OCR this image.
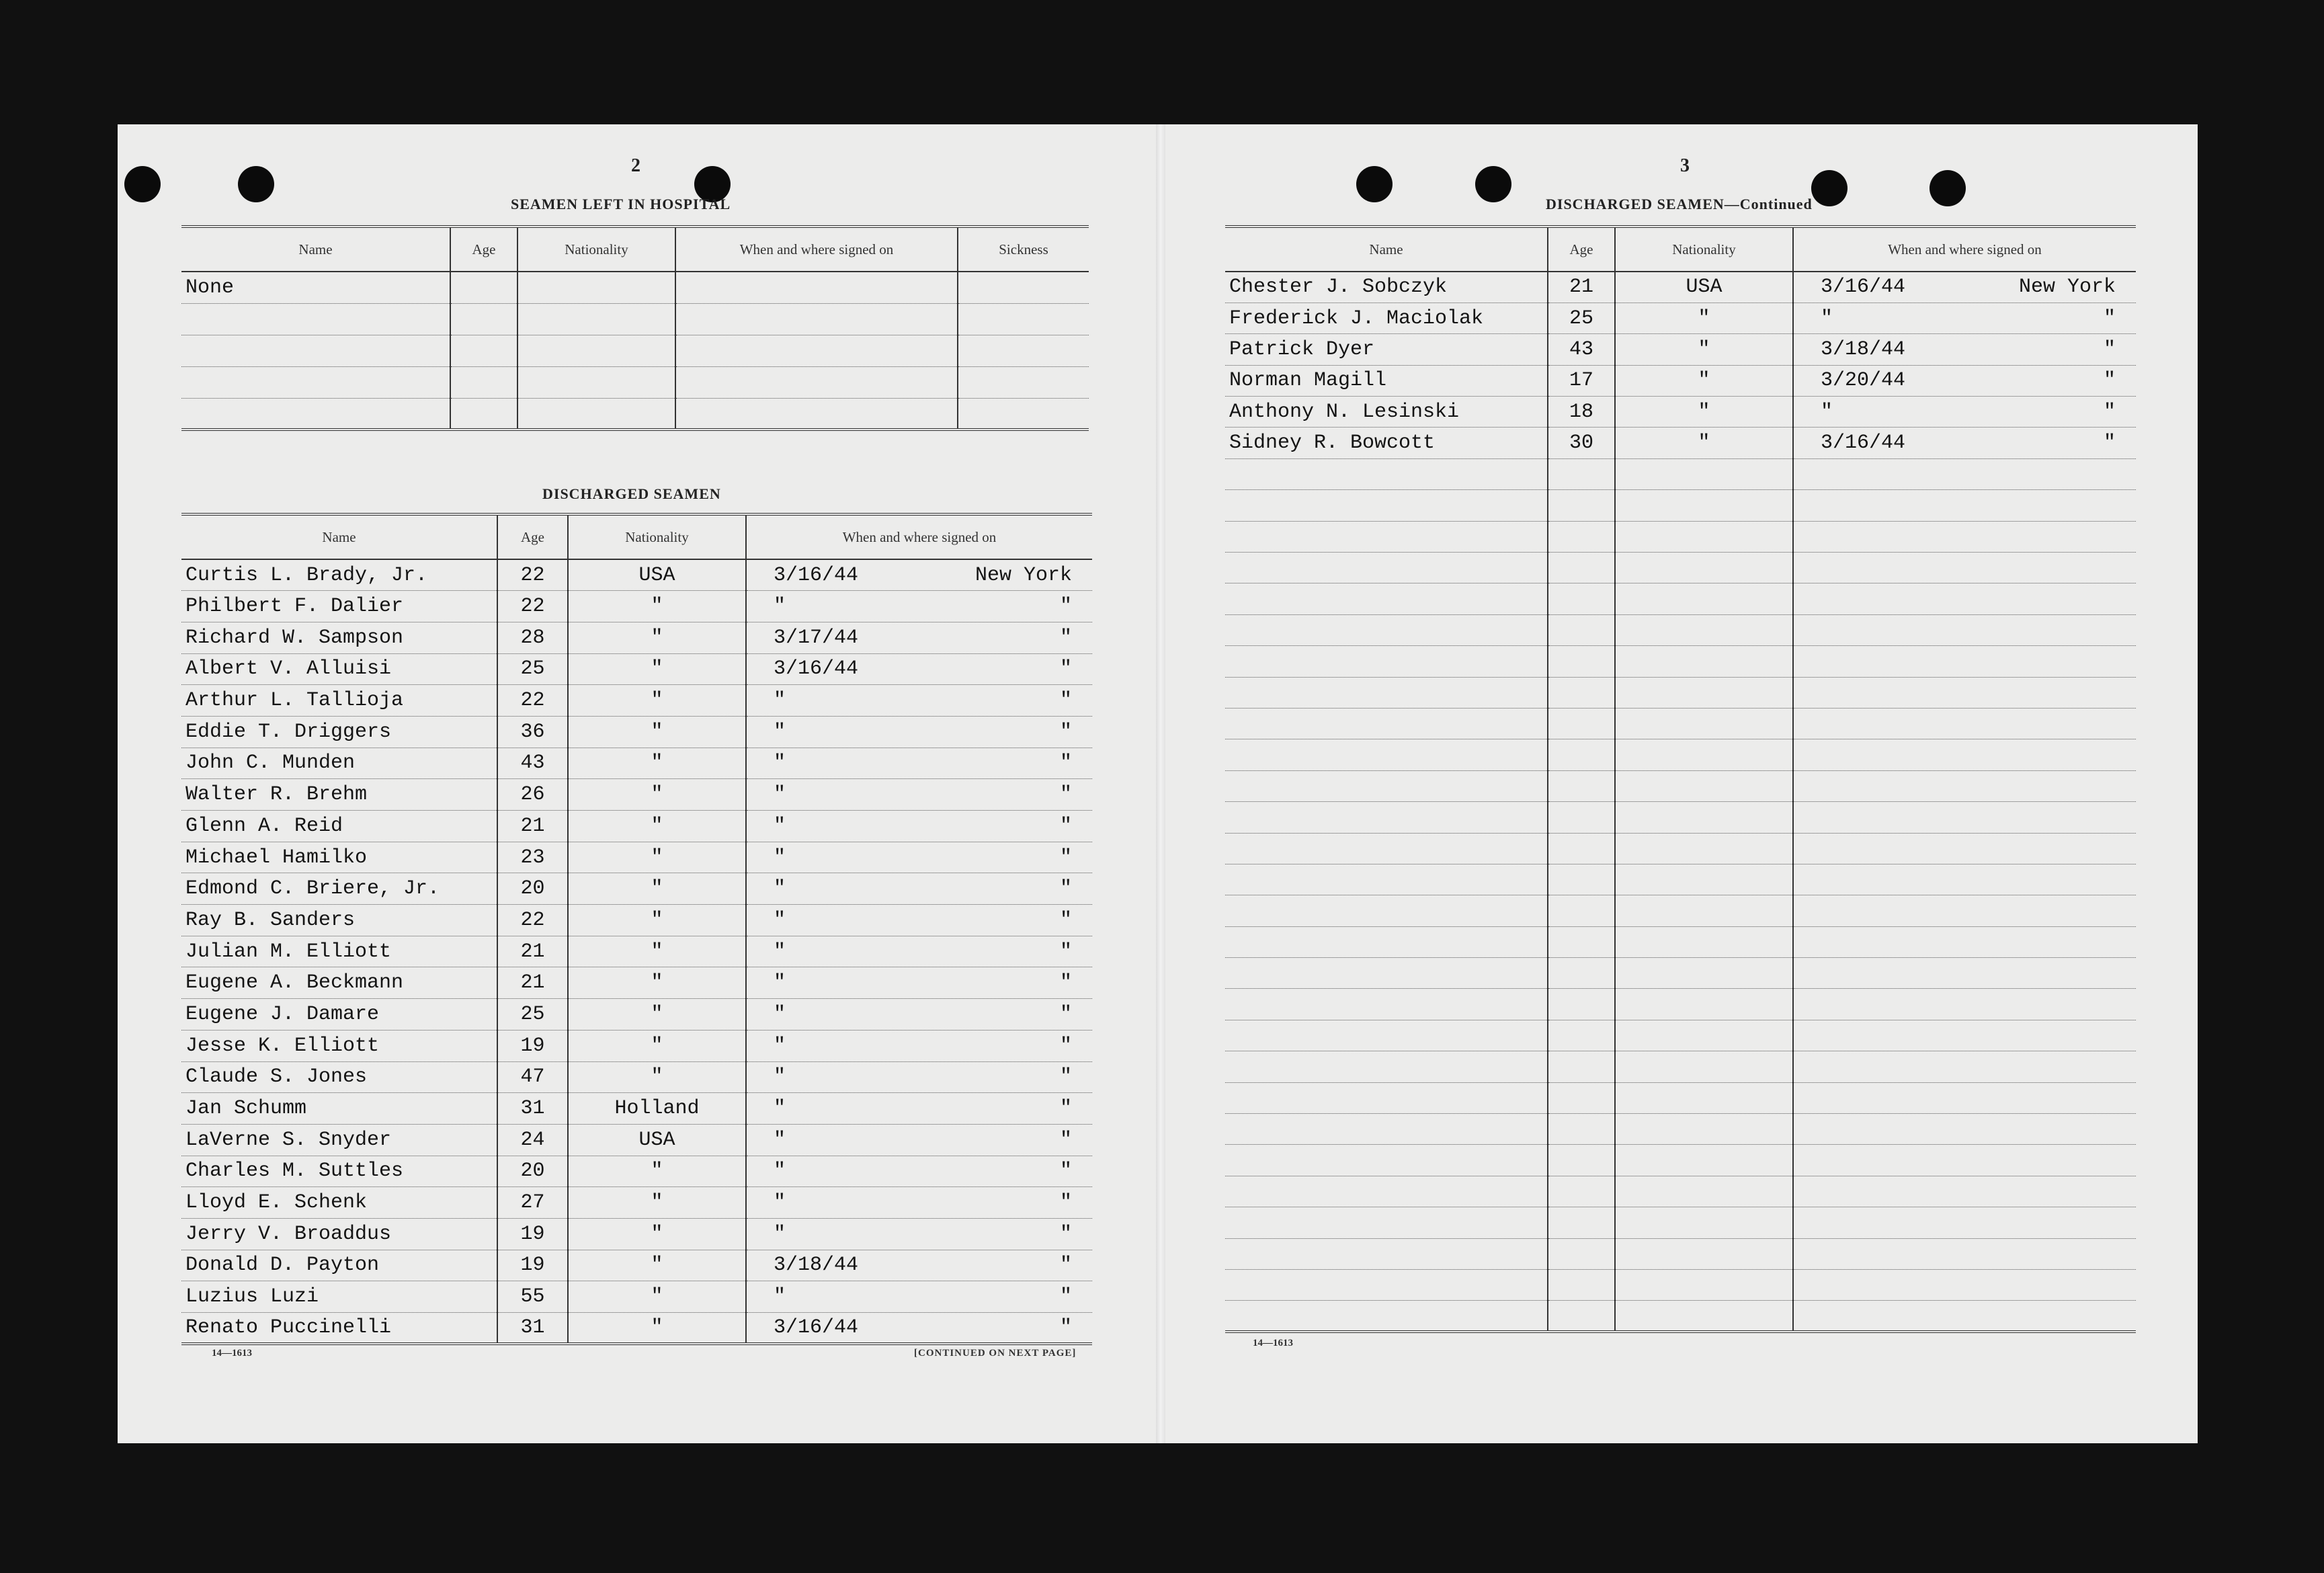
2
SEAMEN LEFT IN HOSPITAL
Name	Age	Nationality	When and where signed on	Sickness
None				

DISCHARGED SEAMEN
Name	Age	Nationality	When and where signed on
Curtis L. Brady, Jr.	22	USA	3/16/44 New York

Philbert F. Dalier	22	"	" "

Richard W. Sampson	28	"	3/17/44 "

Albert V. Alluisi	25	"	3/16/44 "

Arthur L. Tallioja	22	"	" "

Eddie T. Driggers	36	"	" "

John C. Munden	43	"	" "

Walter R. Brehm	26	"	" "

Glenn A. Reid	21	"	" "

Michael Hamilko	23	"	" "

Edmond C. Briere, Jr.	20	"	" "

Ray B. Sanders	22	"	" "

Julian M. Elliott	21	"	" "

Eugene A. Beckmann	21	"	" "

Eugene J. Damare	25	"	" "

Jesse K. Elliott	19	"	" "

Claude S. Jones	47	"	" "

Jan Schumm	31	Holland	" "

LaVerne S. Snyder	24	USA	" "

Charles M. Suttles	20	"	" "

Lloyd E. Schenk	27	"	" "

Jerry V. Broaddus	19	"	" "

Donald D. Payton	19	"	3/18/44 "

Luzius Luzi	55	"	" "

Renato Puccinelli	31	"	3/16/44 "
14—1613	[CONTINUED ON NEXT PAGE]
3
DISCHARGED SEAMEN—Continued
Name	Age	Nationality	When and where signed on
Chester J. Sobczyk	21	USA	3/16/44 New York

Frederick J. Maciolak	25	"	" "

Patrick Dyer	43	"	3/18/44 "

Norman Magill	17	"	3/20/44 "

Anthony N. Lesinski	18	"	" "

Sidney R. Bowcott	30	"	3/16/44 "

14—1613
